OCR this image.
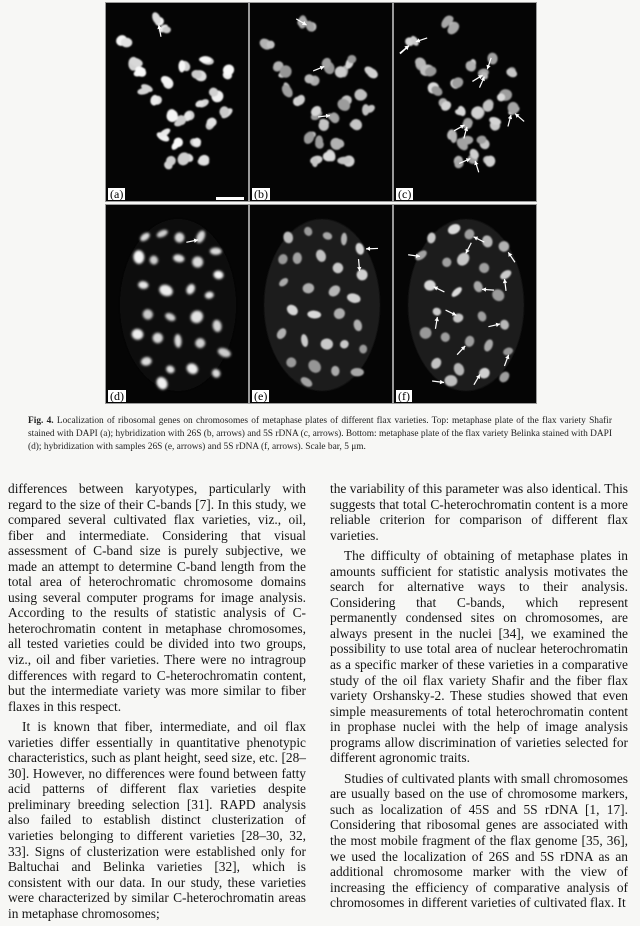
(a)	(b)	(c)
(d)	(e)	(f)
Fig. 4. Localization of ribosomal genes on chromosomes of metaphase plates of different flax varieties. Top: metaphase plate of the flax variety Shafir stained with DAPI (a); hybridization with 26S (b, arrows) and 5S rDNA (c, arrows). Bottom: metaphase plate of the flax variety Belinka stained with DAPI (d); hybridization with samples 26S (e, arrows) and 5S rDNA (f, arrows). Scale bar, 5 μm.

differences between karyotypes, particularly with regard to the size of their C-bands [7]. In this study, we compared several cultivated flax varieties, viz., oil, fiber and intermediate. Considering that visual assessment of C-band size is purely subjective, we made an attempt to determine C-band length from the total area of heterochromatic chromosome domains using several computer programs for image analysis. According to the results of statistic analysis of C-heterochromatin content in metaphase chromosomes, all tested varieties could be divided into two groups, viz., oil and fiber varieties. There were no intragroup differences with regard to C-heterochromatin content, but the intermediate variety was more similar to fiber flaxes in this respect.

It is known that fiber, intermediate, and oil flax varieties differ essentially in quantitative phenotypic characteristics, such as plant height, seed size, etc. [28–30]. However, no differences were found between fatty acid patterns of different flax varieties despite preliminary breeding selection [31]. RAPD analysis also failed to establish distinct clusterization of varieties belonging to different varieties [28–30, 32, 33]. Signs of clusterization were established only for Baltuchai and Belinka varieties [32], which is consistent with our data. In our study, these varieties were characterized by similar C-heterochromatin areas in metaphase chromosomes;

the variability of this parameter was also identical. This suggests that total C-heterochromatin content is a more reliable criterion for comparison of different flax varieties.

The difficulty of obtaining of metaphase plates in amounts sufficient for statistic analysis motivates the search for alternative ways to their analysis. Considering that C-bands, which represent permanently condensed sites on chromosomes, are always present in the nuclei [34], we examined the possibility to use total area of nuclear heterochromatin as a specific marker of these varieties in a comparative study of the oil flax variety Shafir and the fiber flax variety Orshansky-2. These studies showed that even simple measurements of total heterochromatin content in prophase nuclei with the help of image analysis programs allow discrimination of varieties selected for different agronomic traits.

Studies of cultivated plants with small chromosomes are usually based on the use of chromosome markers, such as localization of 45S and 5S rDNA [1, 17]. Considering that ribosomal genes are associated with the most mobile fragment of the flax genome [35, 36], we used the localization of 26S and 5S rDNA as an additional chromosome marker with the view of increasing the efficiency of comparative analysis of chromosomes in different varieties of cultivated flax. It
